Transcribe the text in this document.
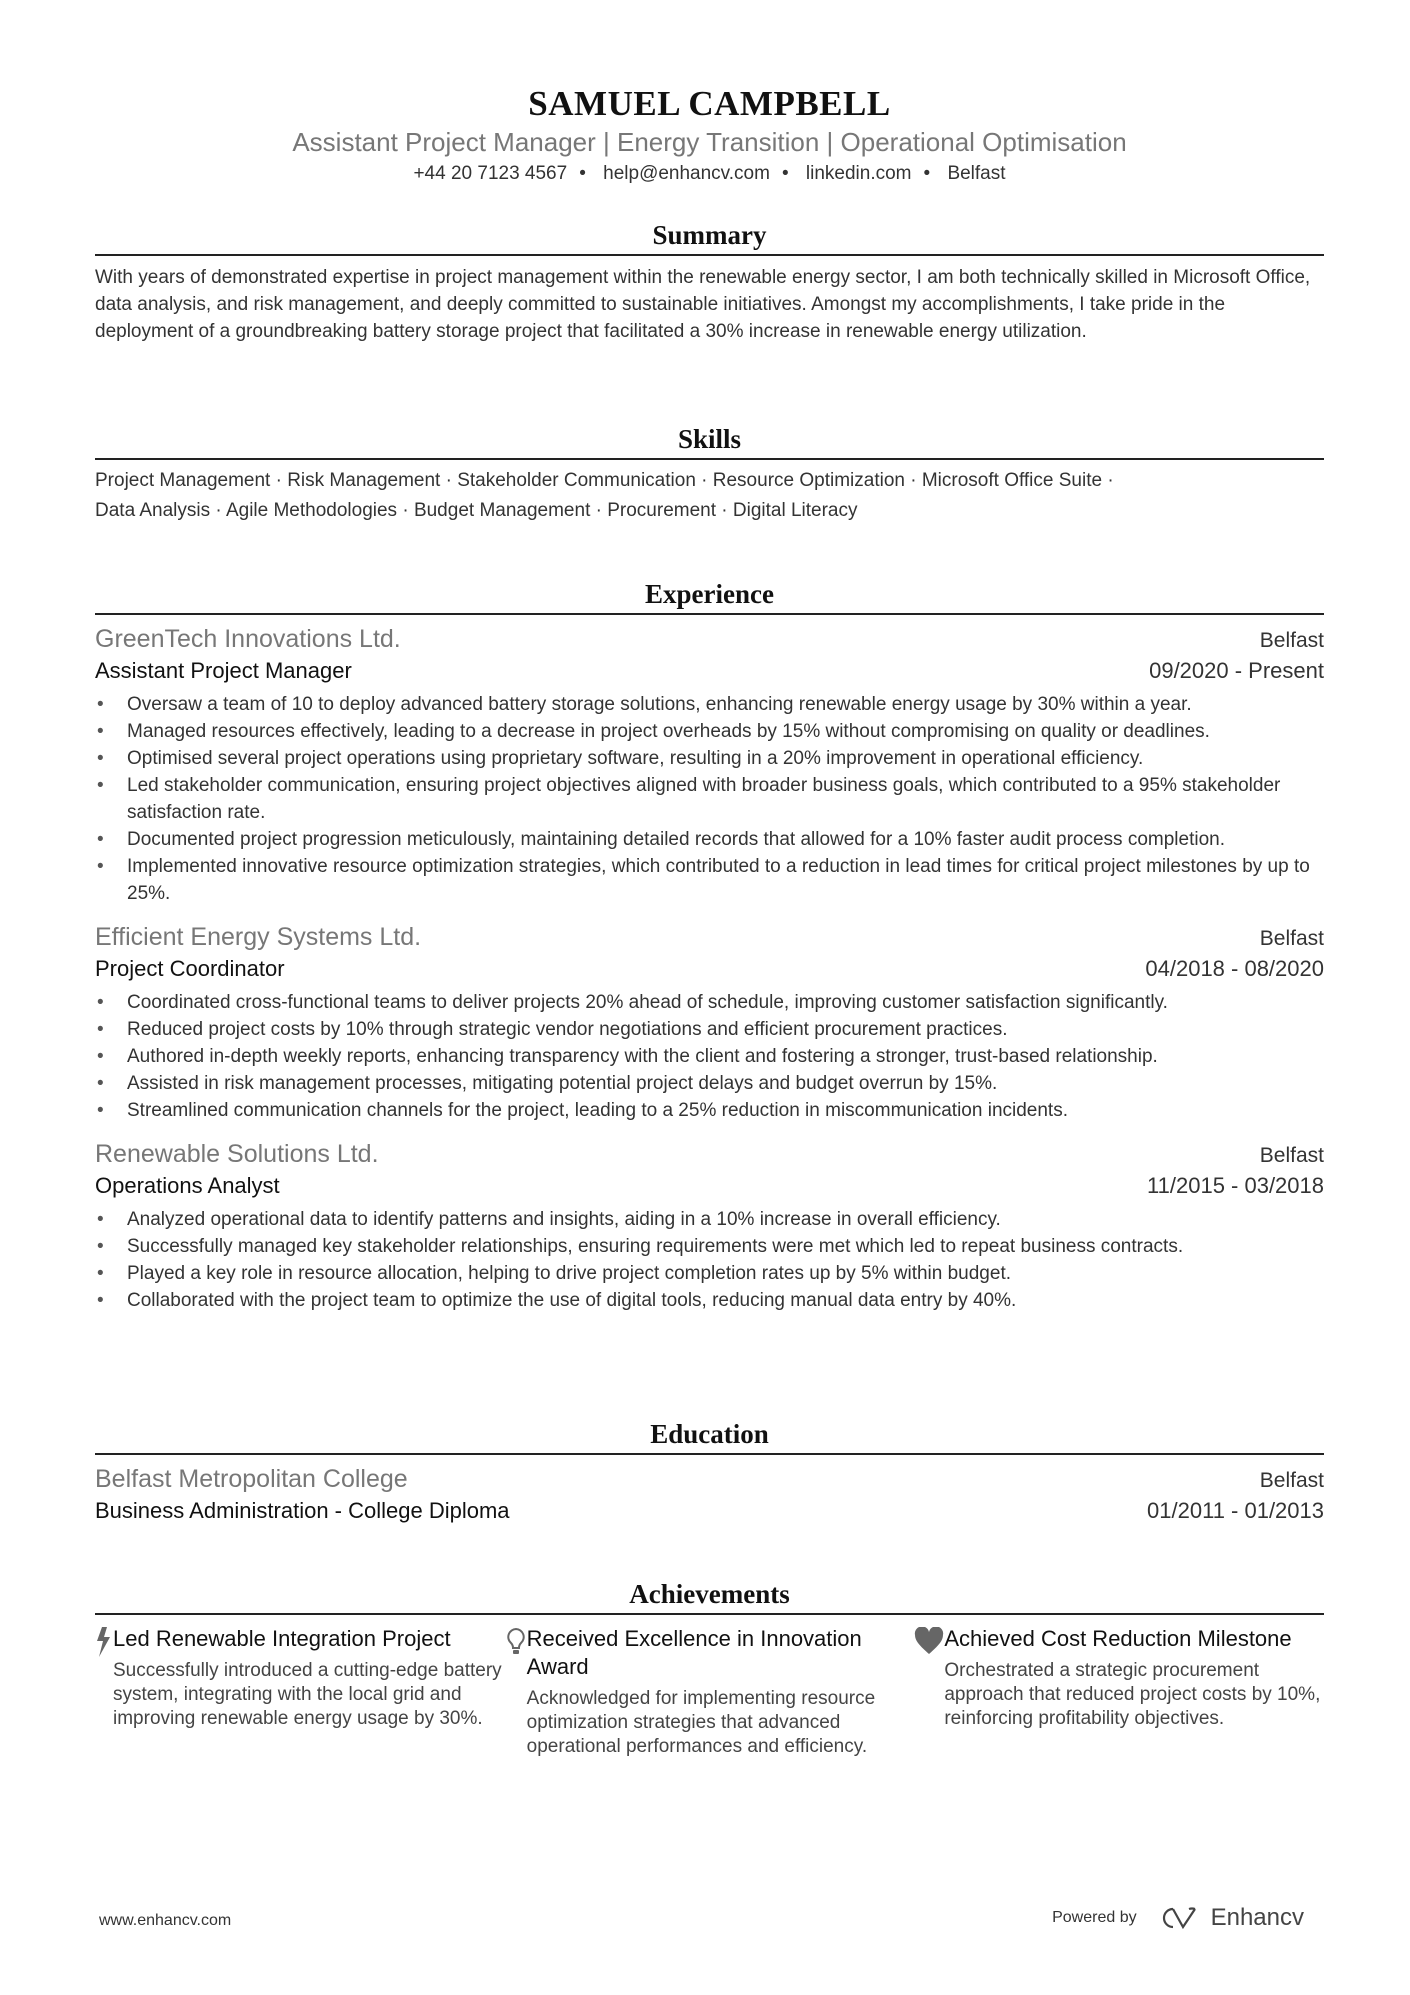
SAMUEL CAMPBELL
Assistant Project Manager | Energy Transition | Operational Optimisation
+44 20 7123 4567 • help@enhancv.com • linkedin.com • Belfast
Summary
With years of demonstrated expertise in project management within the renewable energy sector, I am both technically skilled in Microsoft Office, data analysis, and risk management, and deeply committed to sustainable initiatives. Amongst my accomplishments, I take pride in the deployment of a groundbreaking battery storage project that facilitated a 30% increase in renewable energy utilization.
Skills
Project Management · Risk Management · Stakeholder Communication · Resource Optimization · Microsoft Office Suite ·
Data Analysis · Agile Methodologies · Budget Management · Procurement · Digital Literacy
Experience
GreenTech Innovations Ltd.	Belfast
Assistant Project Manager	09/2020 - Present
• Oversaw a team of 10 to deploy advanced battery storage solutions, enhancing renewable energy usage by 30% within a year.
• Managed resources effectively, leading to a decrease in project overheads by 15% without compromising on quality or deadlines.
• Optimised several project operations using proprietary software, resulting in a 20% improvement in operational efficiency.
• Led stakeholder communication, ensuring project objectives aligned with broader business goals, which contributed to a 95% stakeholder satisfaction rate.
• Documented project progression meticulously, maintaining detailed records that allowed for a 10% faster audit process completion.
• Implemented innovative resource optimization strategies, which contributed to a reduction in lead times for critical project milestones by up to 25%.
Efficient Energy Systems Ltd.	Belfast
Project Coordinator	04/2018 - 08/2020
• Coordinated cross-functional teams to deliver projects 20% ahead of schedule, improving customer satisfaction significantly.
• Reduced project costs by 10% through strategic vendor negotiations and efficient procurement practices.
• Authored in-depth weekly reports, enhancing transparency with the client and fostering a stronger, trust-based relationship.
• Assisted in risk management processes, mitigating potential project delays and budget overrun by 15%.
• Streamlined communication channels for the project, leading to a 25% reduction in miscommunication incidents.
Renewable Solutions Ltd.	Belfast
Operations Analyst	11/2015 - 03/2018
• Analyzed operational data to identify patterns and insights, aiding in a 10% increase in overall efficiency.
• Successfully managed key stakeholder relationships, ensuring requirements were met which led to repeat business contracts.
• Played a key role in resource allocation, helping to drive project completion rates up by 5% within budget.
• Collaborated with the project team to optimize the use of digital tools, reducing manual data entry by 40%.
Education
Belfast Metropolitan College	Belfast
Business Administration - College Diploma	01/2011 - 01/2013
Achievements
Led Renewable Integration Project
Successfully introduced a cutting-edge battery system, integrating with the local grid and improving renewable energy usage by 30%.
Received Excellence in Innovation Award
Acknowledged for implementing resource optimization strategies that advanced operational performances and efficiency.
Achieved Cost Reduction Milestone
Orchestrated a strategic procurement approach that reduced project costs by 10%, reinforcing profitability objectives.
www.enhancv.com	Powered by	Enhancv
